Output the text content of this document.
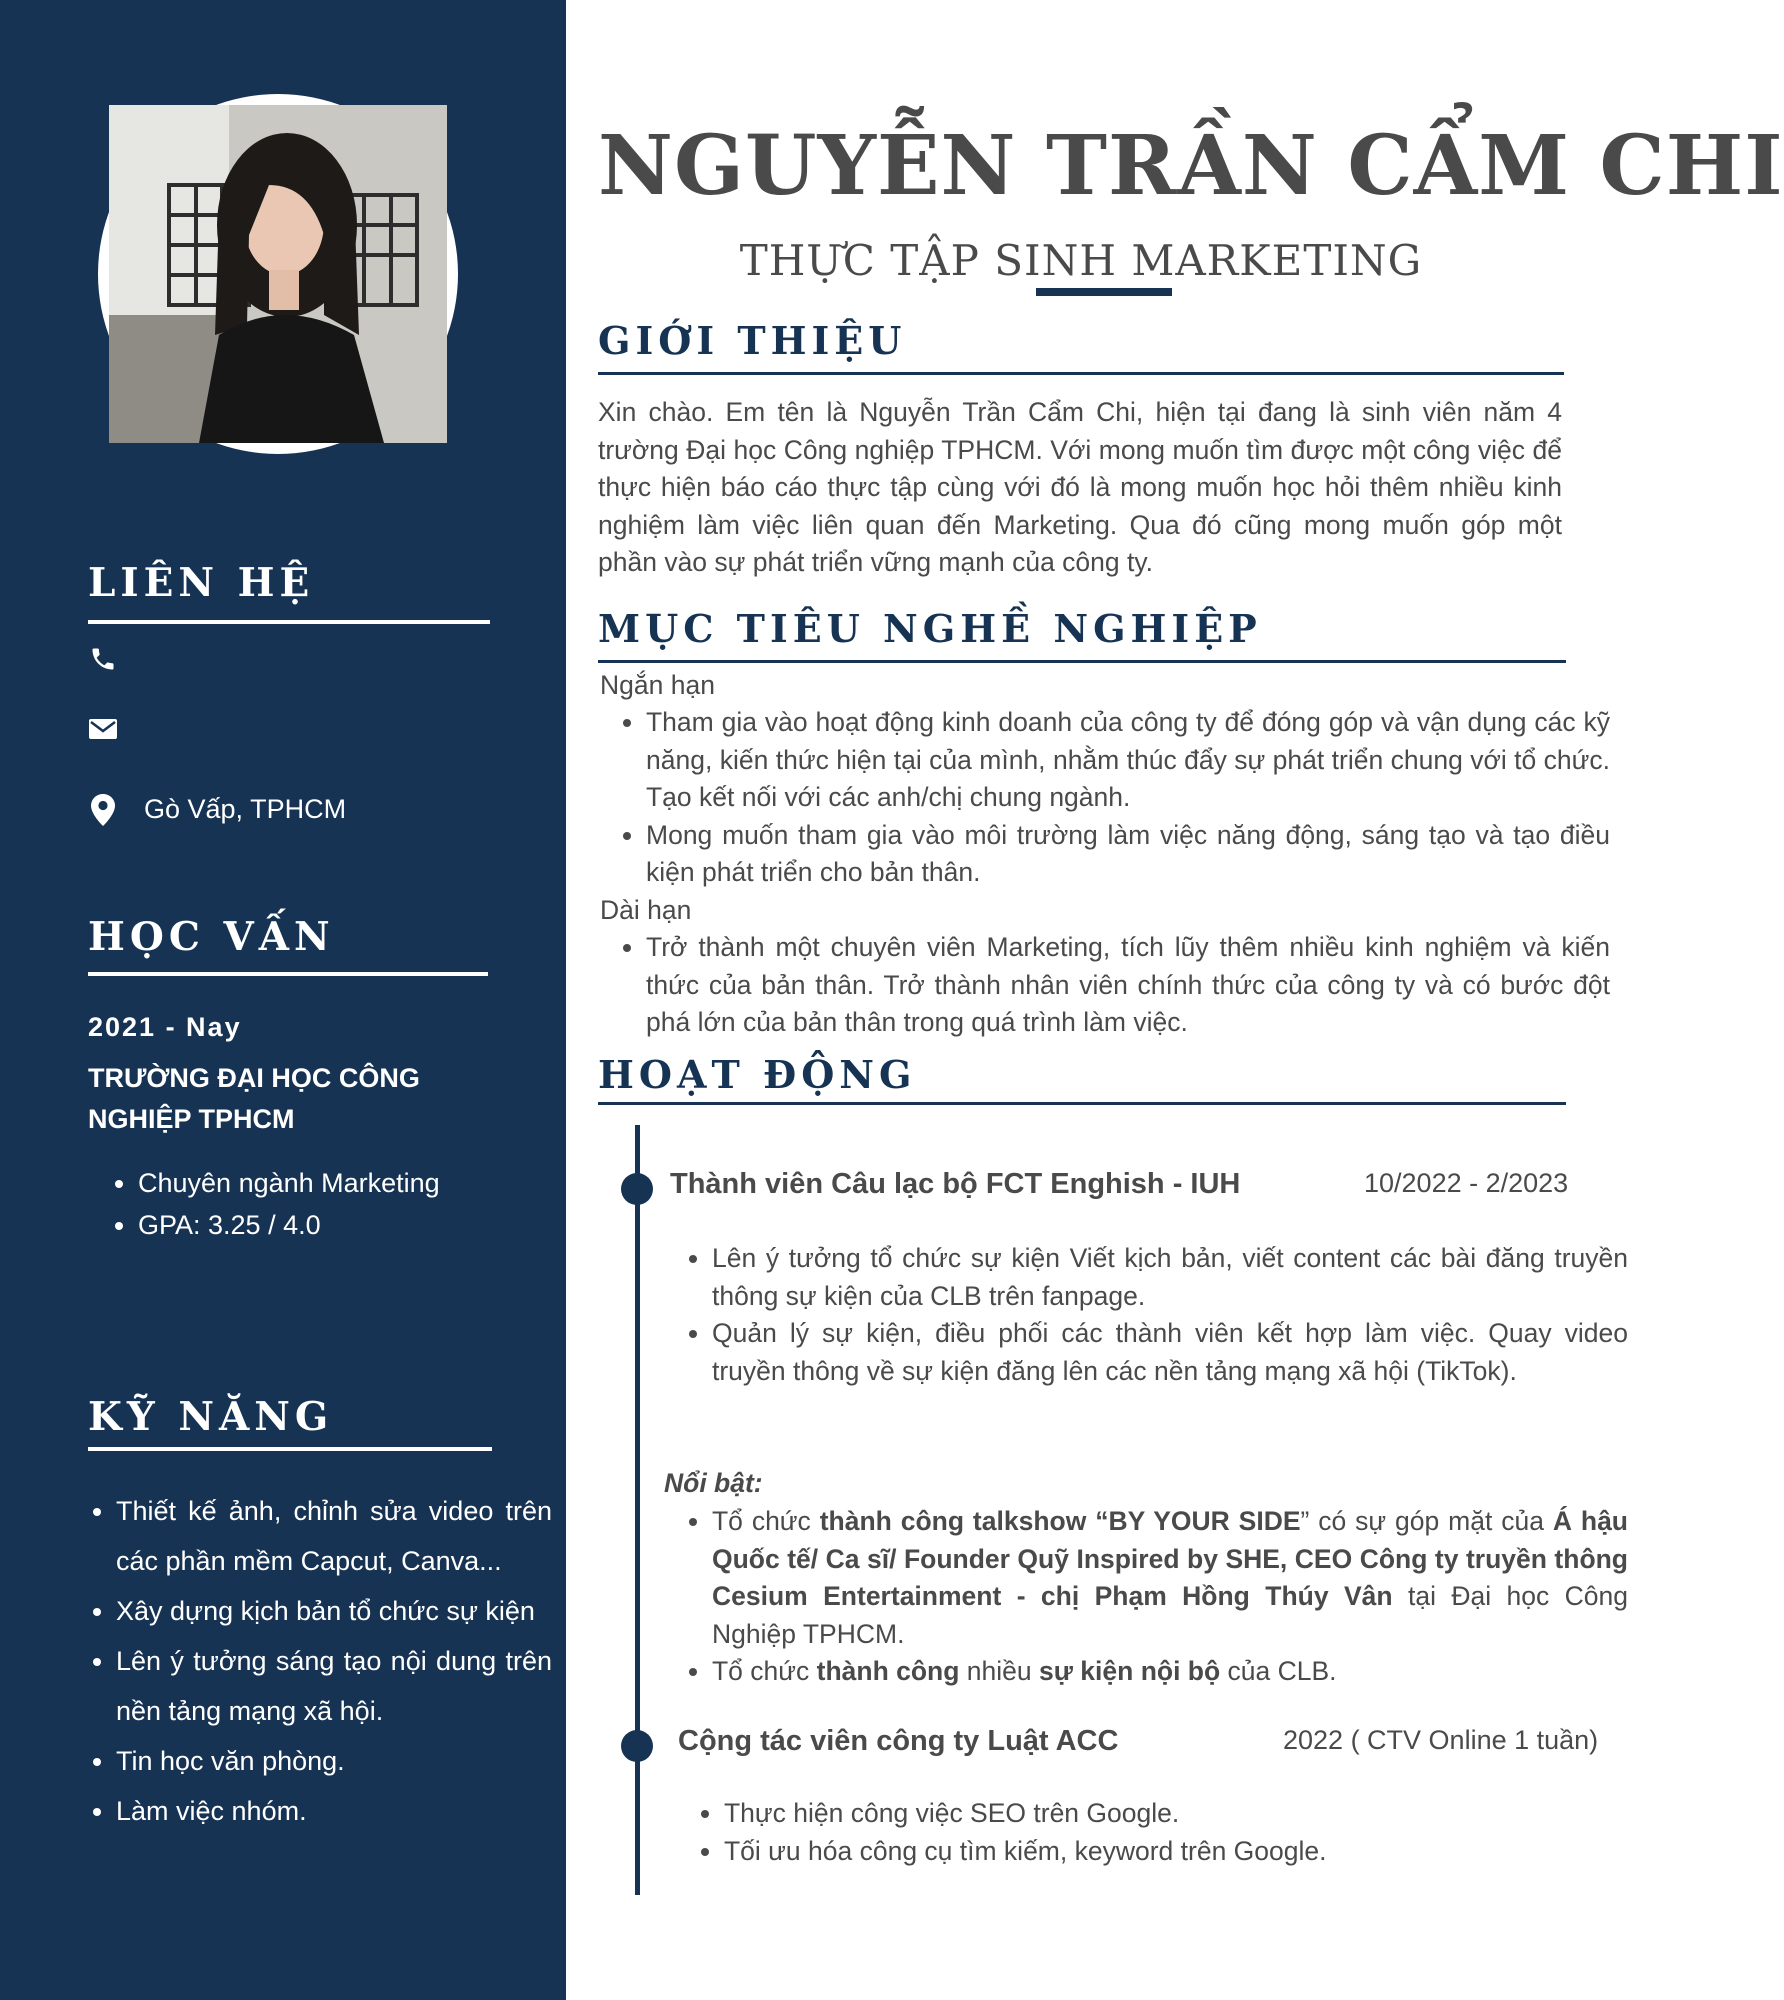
LIÊN HỆ
Gò Vấp, TPHCM
HỌC VẤN
2021 - Nay
TRƯỜNG ĐẠI HỌC CÔNG NGHIỆP TPHCM
• Chuyên ngành Marketing
• GPA: 3.25 / 4.0
KỸ NĂNG
• Thiết kế ảnh, chỉnh sửa video trên các phần mềm Capcut, Canva...
• Xây dựng kịch bản tổ chức sự kiện
• Lên ý tưởng sáng tạo nội dung trên nền tảng mạng xã hội.
• Tin học văn phòng.
• Làm việc nhóm.
NGUYỄN TRẦN CẨM CHI
THỰC TẬP SINH MARKETING
GIỚI THIỆU

Xin chào. Em tên là Nguyễn Trần Cẩm Chi, hiện tại đang là sinh viên năm 4 trường Đại học Công nghiệp TPHCM. Với mong muốn tìm được một công việc để thực hiện báo cáo thực tập cùng với đó là mong muốn học hỏi thêm nhiều kinh nghiệm làm việc liên quan đến Marketing. Qua đó cũng mong muốn góp một phần vào sự phát triển vững mạnh của công ty.

MỤC TIÊU NGHỀ NGHIỆP
Ngắn hạn
• Tham gia vào hoạt động kinh doanh của công ty để đóng góp và vận dụng các kỹ năng, kiến thức hiện tại của mình, nhằm thúc đẩy sự phát triển chung với tổ chức. Tạo kết nối với các anh/chị chung ngành.
• Mong muốn tham gia vào môi trường làm việc năng động, sáng tạo và tạo điều kiện phát triển cho bản thân.
Dài hạn
• Trở thành một chuyên viên Marketing, tích lũy thêm nhiều kinh nghiệm và kiến thức của bản thân. Trở thành nhân viên chính thức của công ty và có bước đột phá lớn của bản thân trong quá trình làm việc.
HOẠT ĐỘNG
Thành viên Câu lạc bộ FCT Enghish - IUH	10/2022 - 2/2023
• Lên ý tưởng tổ chức sự kiện Viết kịch bản, viết content các bài đăng truyền thông sự kiện của CLB trên fanpage.
• Quản lý sự kiện, điều phối các thành viên kết hợp làm việc. Quay video truyền thông về sự kiện đăng lên các nền tảng mạng xã hội (TikTok).
Nổi bật:
• Tổ chức thành công talkshow “BY YOUR SIDE” có sự góp mặt của Á hậu Quốc tế/ Ca sĩ/ Founder Quỹ Inspired by SHE, CEO Công ty truyền thông Cesium Entertainment - chị Phạm Hồng Thúy Vân tại Đại học Công Nghiệp TPHCM.
• Tổ chức thành công nhiều sự kiện nội bộ của CLB.
Cộng tác viên công ty Luật ACC	2022 ( CTV Online 1 tuần)
• Thực hiện công việc SEO trên Google.
• Tối ưu hóa công cụ tìm kiếm, keyword trên Google.
